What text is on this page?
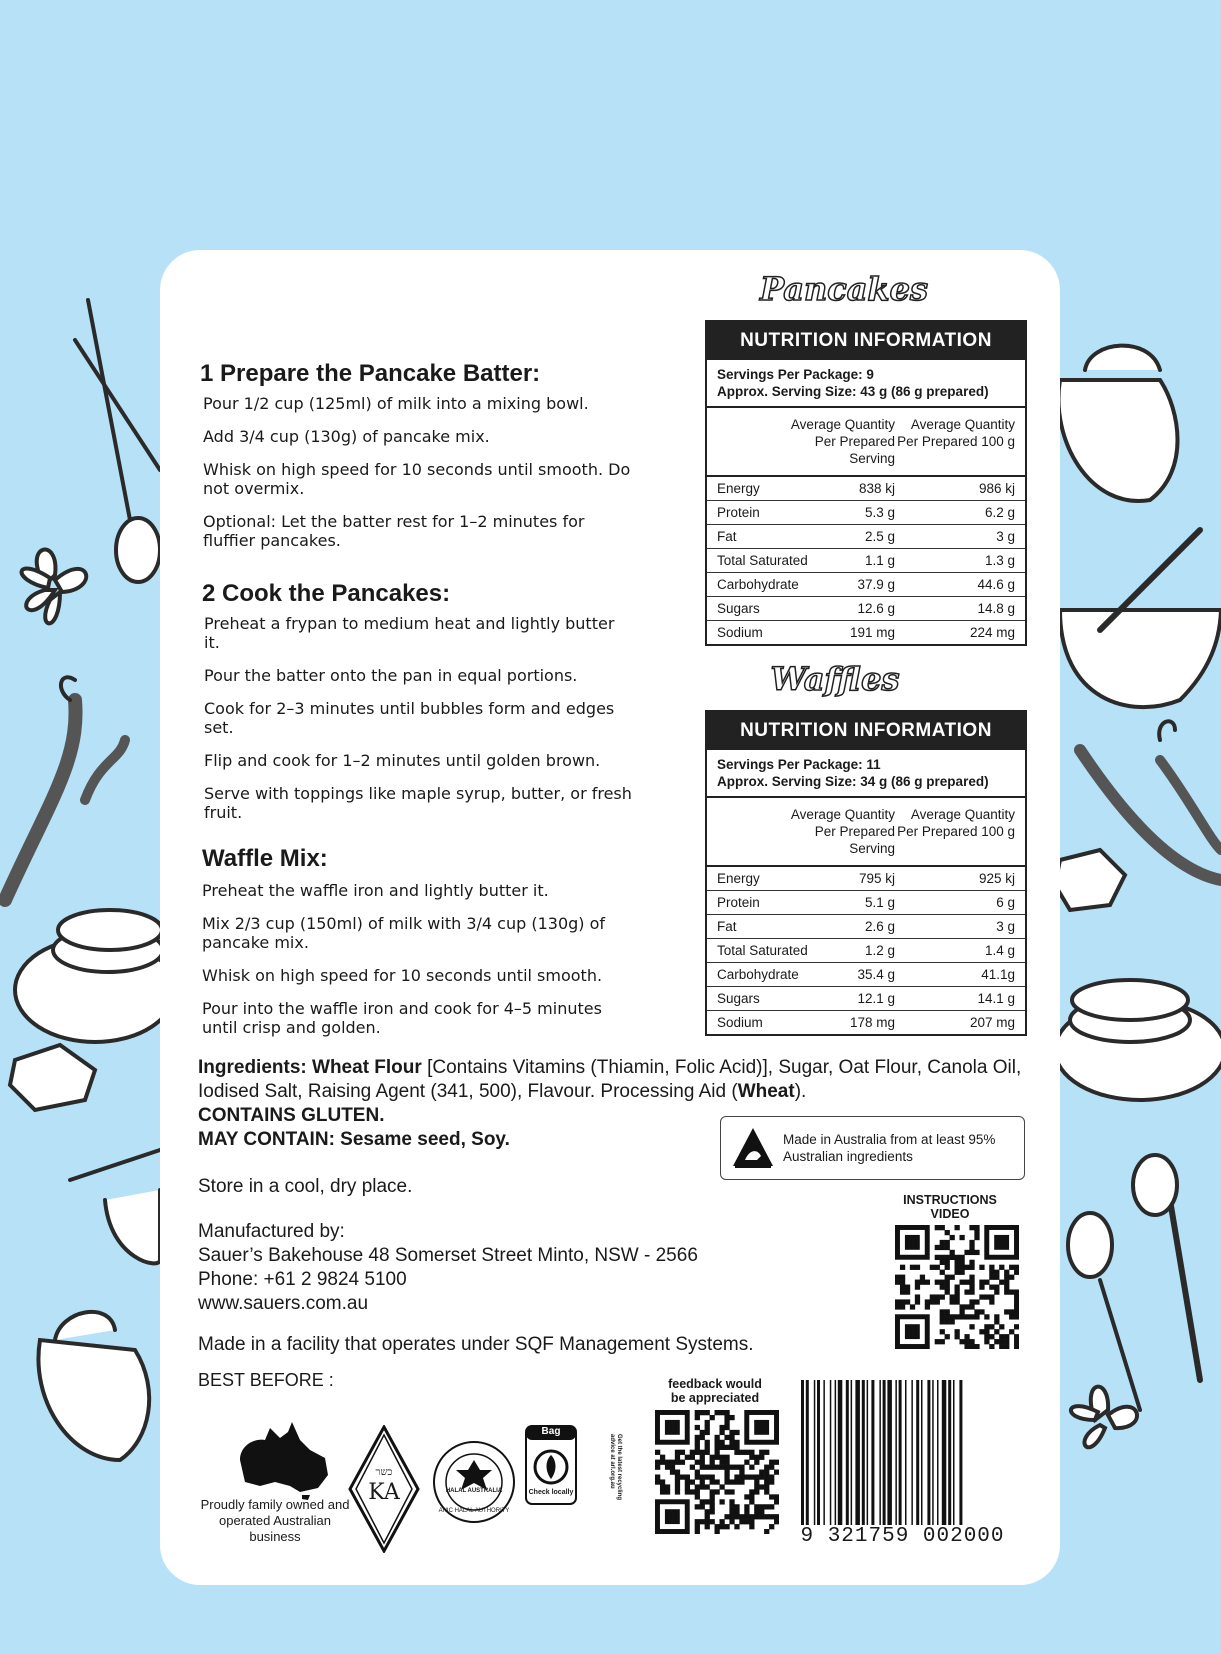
1 Prepare the Pancake Batter:

Pour 1/2 cup (125ml) of milk into a mixing bowl.

Add 3/4 cup (130g) of pancake mix.

Whisk on high speed for 10 seconds until smooth. Do not overmix.

Optional: Let the batter rest for 1–2 minutes for fluffier pancakes.

2 Cook the Pancakes:

Preheat a frypan to medium heat and lightly butter it.

Pour the batter onto the pan in equal portions.

Cook for 2–3 minutes until bubbles form and edges set.

Flip and cook for 1–2 minutes until golden brown.

Serve with toppings like maple syrup, butter, or fresh fruit.

Waffle Mix:

Preheat the waffle iron and lightly butter it.

Mix 2/3 cup (150ml) of milk with 3/4 cup (130g) of pancake mix.

Whisk on high speed for 10 seconds until smooth.

Pour into the waffle iron and cook for 4–5 minutes until crisp and golden.

Pancakes
NUTRITION INFORMATION
Servings Per Package: 9
Approx. Serving Size: 43 g (86 g prepared)
Average Quantity Per Prepared Serving
Average Quantity Per Prepared 100 g
Energy	838 kj	986 kj
Protein	5.3 g	6.2 g
Fat	2.5 g	3 g
Total Saturated	1.1 g	1.3 g
Carbohydrate	37.9 g	44.6 g
Sugars	12.6 g	14.8 g
Sodium	191 mg	224 mg
Waffles
NUTRITION INFORMATION
Servings Per Package: 11
Approx. Serving Size: 34 g (86 g prepared)
Average Quantity Per Prepared Serving
Average Quantity Per Prepared 100 g
Energy	795 kj	925 kj
Protein	5.1 g	6 g
Fat	2.6 g	3 g
Total Saturated	1.2 g	1.4 g
Carbohydrate	35.4 g	41.1g
Sugars	12.1 g	14.1 g
Sodium	178 mg	207 mg
Ingredients: Wheat Flour [Contains Vitamins (Thiamin, Folic Acid)], Sugar, Oat Flour, Canola Oil, Iodised Salt, Raising Agent (341, 500), Flavour. Processing Aid (Wheat).
CONTAINS GLUTEN.
MAY CONTAIN: Sesame seed, Soy.
Store in a cool, dry place.
Made in Australia from at least 95% Australian ingredients
Manufactured by:
Sauer’s Bakehouse 48 Somerset Street Minto, NSW - 2566
Phone: +61 2 9824 5100
www.sauers.com.au
Made in a facility that operates under SQF Management Systems.
BEST BEFORE :
INSTRUCTIONS VIDEO
feedback would be appreciated
9 321759 002000
Proudly family owned and operated Australian business
כשר
KA	HALAL AUSTRALIA
ANIC HALAL AUTHORITY
Bag
Check locally	Get the latest recycling advice at arl.org.au
